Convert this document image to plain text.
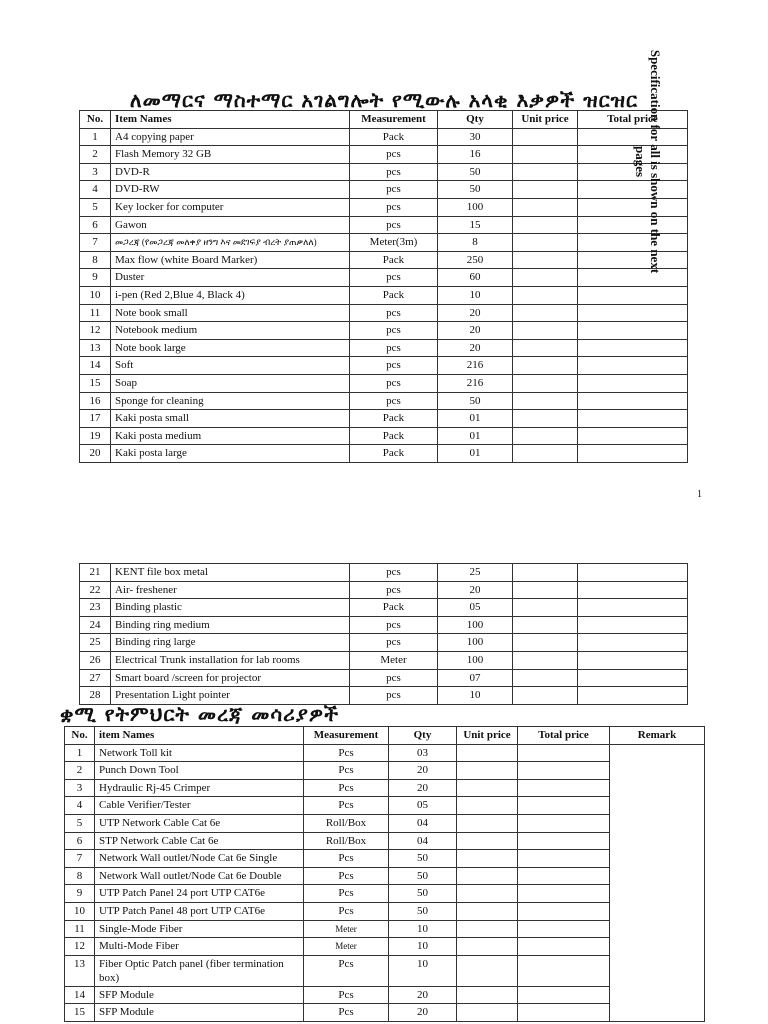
ለመማርና ማስተማር አገልግሎት የሚውሉ አላቂ እቃዎች ዝርዝር
No.	Item Names	Measurement	Qty	Unit price	Total price
1	A4 copying paper	Pack	30		
2	Flash Memory 32 GB	pcs	16		
3	DVD-R	pcs	50		
4	DVD-RW	pcs	50		
5	Key locker for computer	pcs	100		
6	Gawon	pcs	15		
7	መጋረጃ (የመጋረጃ መለቀያ ዘንግ እና መደገፍያ ብረት ያጠቃለለ)	Meter(3m)	8		
8	Max flow (white Board Marker)	Pack	250		
9	Duster	pcs	60		
10	i-pen (Red 2,Blue 4, Black 4)	Pack	10		
11	Note book small	pcs	20		
12	Notebook medium	pcs	20		
13	Note book large	pcs	20		
14	Soft	pcs	216		
15	Soap	pcs	216		
16	Sponge for cleaning	pcs	50		
17	Kaki posta small	Pack	01		
19	Kaki posta medium	Pack	01		
20	Kaki posta large	Pack	01		
1
21	KENT file box metal	pcs	25		
22	Air- freshener	pcs	20		
23	Binding plastic	Pack	05		
24	Binding ring medium	pcs	100		
25	Binding ring large	pcs	100		
26	Electrical Trunk installation for lab rooms	Meter	100		
27	Smart board /screen for projector	pcs	07		
28	Presentation Light pointer	pcs	10		
ቋሚ የትምህርት መረጃ መሳሪያዎች
No.	item Names	Measurement	Qty	Unit price	Total price	Remark
1	Network Toll kit	Pcs	03			
2	Punch Down Tool	Pcs	20			
3	Hydraulic Rj-45 Crimper	Pcs	20			
4	Cable Verifier/Tester	Pcs	05			
5	UTP Network Cable Cat 6e	Roll/Box	04			
6	STP Network Cable Cat 6e	Roll/Box	04			
7	Network Wall outlet/Node Cat 6e Single	Pcs	50			
8	Network Wall outlet/Node Cat 6e Double	Pcs	50			
9	UTP Patch Panel 24 port UTP CAT6e	Pcs	50			
10	UTP Patch Panel 48 port UTP CAT6e	Pcs	50			
11	Single-Mode Fiber	Meter	10			
12	Multi-Mode Fiber	Meter	10			
13	Fiber Optic Patch panel (fiber termination box)	Pcs	10			
14	SFP Module	Pcs	20			
15	SFP Module	Pcs	20			
Specification for all is shown on the next pages
